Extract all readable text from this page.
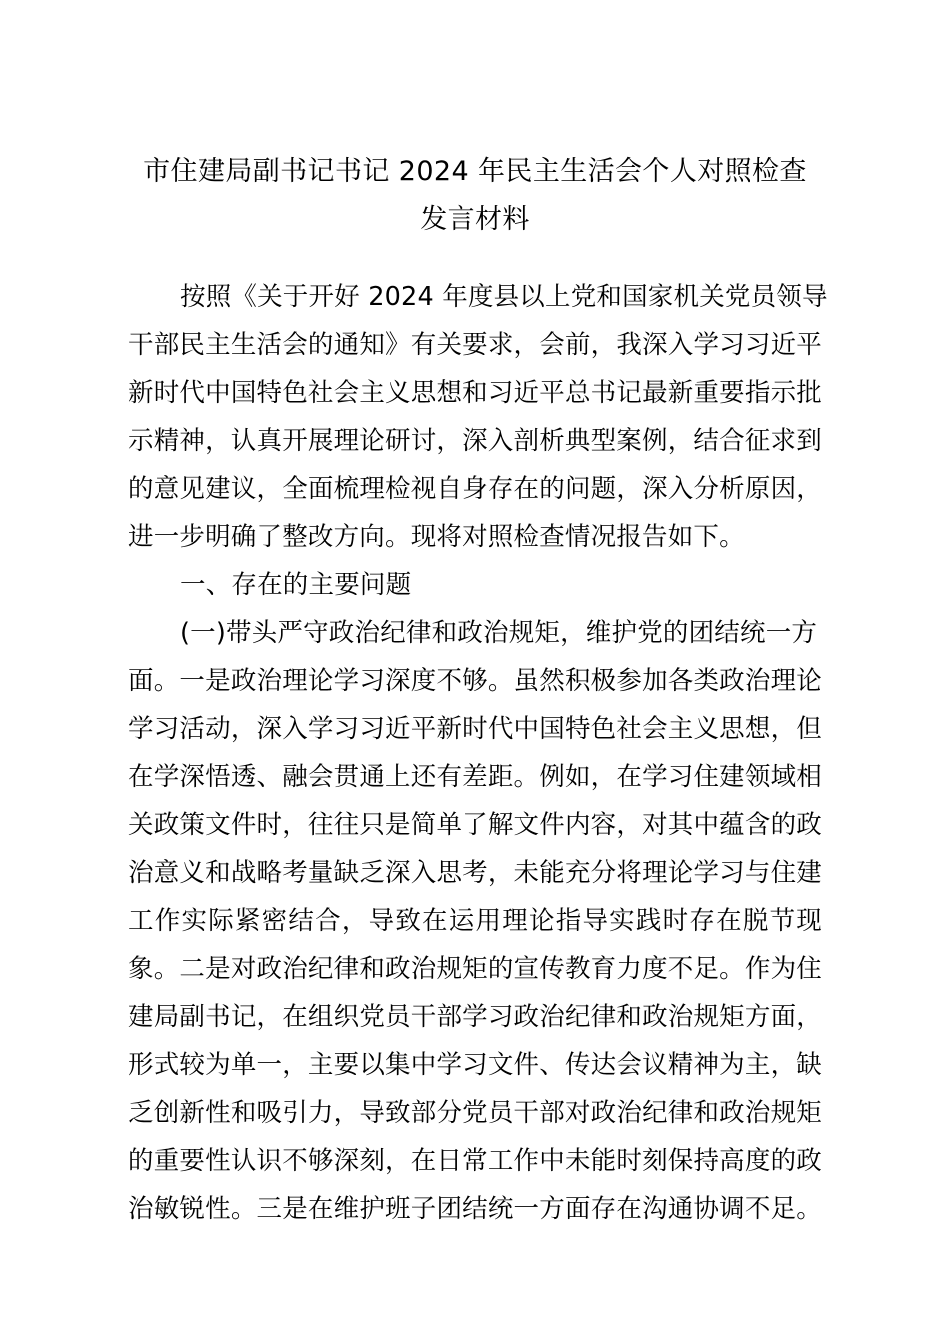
市住建局副书记书记 2024 年民主生活会个人对照检查
发言材料
按照《关于开好 2024 年度县以上党和国家机关党员领导
干部民主生活会的通知》有关要求，会前，我深入学习习近平
新时代中国特色社会主义思想和习近平总书记最新重要指示批
示精神，认真开展理论研讨，深入剖析典型案例，结合征求到
的意见建议，全面梳理检视自身存在的问题，深入分析原因，
进一步明确了整改方向。现将对照检查情况报告如下。
一、存在的主要问题
(一)带头严守政治纪律和政治规矩，维护党的团结统一方
面。一是政治理论学习深度不够。虽然积极参加各类政治理论
学习活动，深入学习习近平新时代中国特色社会主义思想，但
在学深悟透、融会贯通上还有差距。例如，在学习住建领域相
关政策文件时，往往只是简单了解文件内容，对其中蕴含的政
治意义和战略考量缺乏深入思考，未能充分将理论学习与住建
工作实际紧密结合，导致在运用理论指导实践时存在脱节现
象。二是对政治纪律和政治规矩的宣传教育力度不足。作为住
建局副书记，在组织党员干部学习政治纪律和政治规矩方面，
形式较为单一，主要以集中学习文件、传达会议精神为主，缺
乏创新性和吸引力，导致部分党员干部对政治纪律和政治规矩
的重要性认识不够深刻，在日常工作中未能时刻保持高度的政
治敏锐性。三是在维护班子团结统一方面存在沟通协调不足。
